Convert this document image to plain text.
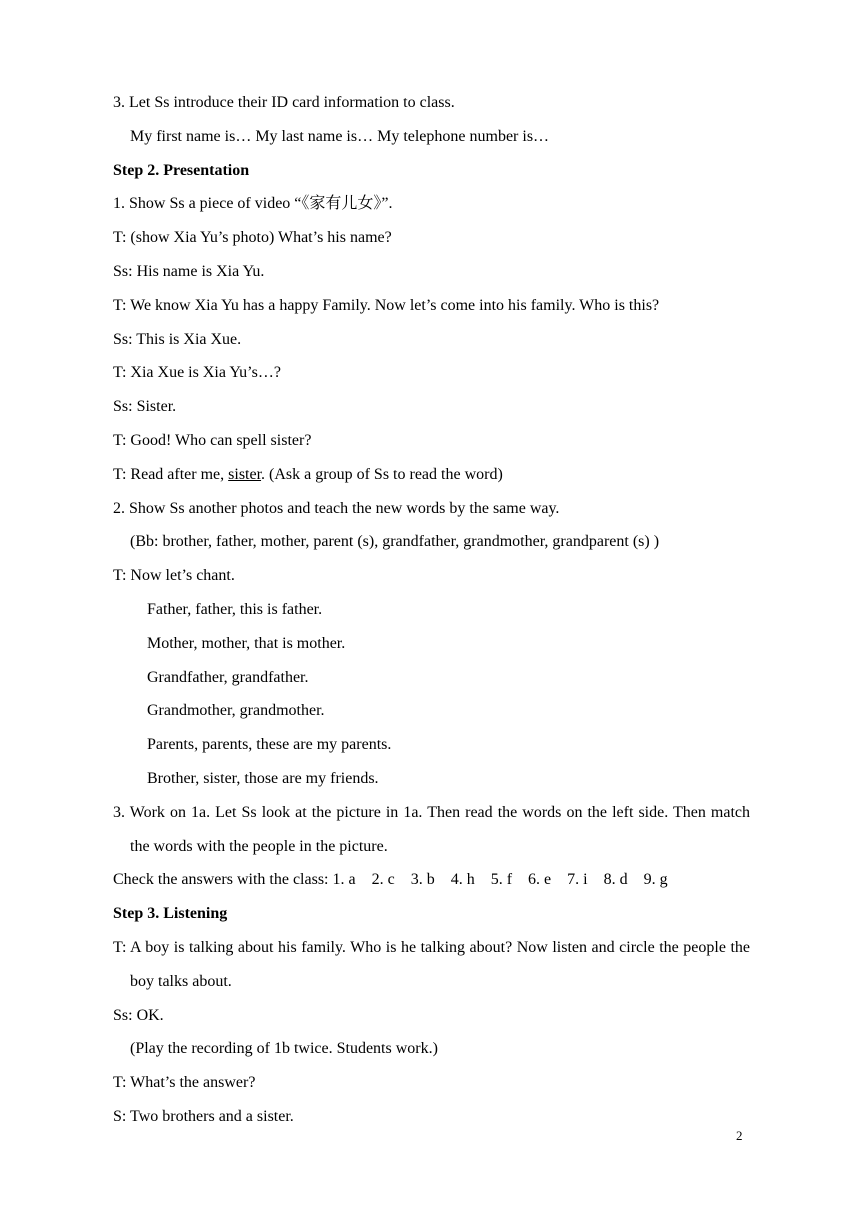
3. Let Ss introduce their ID card information to class.
My first name is… My last name is… My telephone number is…
Step 2. Presentation
1. Show Ss a piece of video “《家有儿女》”.
T: (show Xia Yu’s photo) What’s his name?
Ss: His name is Xia Yu.
T: We know Xia Yu has a happy Family. Now let’s come into his family. Who is this?
Ss: This is Xia Xue.
T: Xia Xue is Xia Yu’s…?
Ss: Sister.
T: Good! Who can spell sister?
T: Read after me, sister. (Ask a group of Ss to read the word)
2. Show Ss another photos and teach the new words by the same way.
(Bb: brother, father, mother, parent (s), grandfather, grandmother, grandparent (s) )
T: Now let’s chant.
Father, father, this is father.
Mother, mother, that is mother.
Grandfather, grandfather.
Grandmother, grandmother.
Parents, parents, these are my parents.
Brother, sister, those are my friends.
3. Work on 1a. Let Ss look at the picture in 1a. Then read the words on the left side. Then match the words with the people in the picture.
Check the answers with the class: 1. a    2. c    3. b    4. h    5. f    6. e    7. i    8. d    9. g
Step 3. Listening
T: A boy is talking about his family. Who is he talking about? Now listen and circle the people the boy talks about.
Ss: OK.
(Play the recording of 1b twice. Students work.)
T: What’s the answer?
S: Two brothers and a sister.
2
